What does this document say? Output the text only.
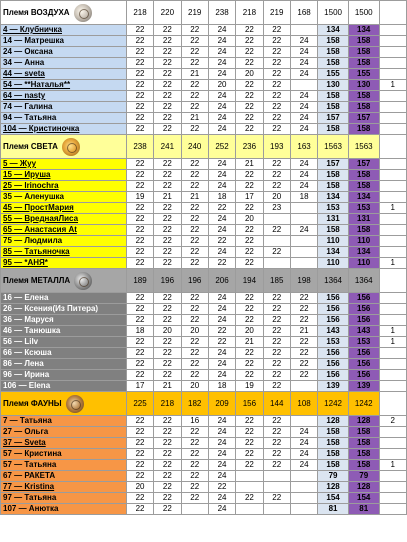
Племя ВОЗДУХА	218	220	219	238	218	219	168	1500	1500	
4 — Клубничка	22	22	22	24	22	22		134	134	
14 — Матрешка	22	22	22	24	22	22	24	158	158	
24 — Оксана	22	22	22	24	22	22	24	158	158	
34 — Анна	22	22	22	24	22	22	24	158	158	
44 — sveta	22	22	21	24	20	22	24	155	155	
54 — **Наталья**	22	22	22	20	22	22		130	130	1
64 — nasty	22	22	22	24	22	22	24	158	158	
74 — Галина	22	22	22	24	22	22	24	158	158	
94 — Татьяна	22	22	21	24	22	22	24	157	157	
104 — Кристиночка	22	22	22	24	22	22	24	158	158	
Племя СВЕТА	238	241	240	252	236	193	163	1563	1563	
5 — Жуу	22	22	22	24	21	22	24	157	157	
15 — Ируша	22	22	22	24	22	22	24	158	158	
25 — Irinochra	22	22	22	24	22	22	24	158	158	
35 — Аленушка	19	21	21	18	17	20	18	134	134	
45 — ПростМария	22	22	22	22	22	23		153	153	1
55 — ВреднаяЛиса	22	22	22	24	20			131	131	
65 — Анастасия At	22	22	22	24	22	22	24	158	158	
75 — Людмила	22	22	22	22	22			110	110	
85 — Татьяночка	22	22	22	24	22	22		134	134	
95 — *АНЯ*	22	22	22	22	22			110	110	1
Племя МЕТАЛЛА	189	196	196	206	194	185	198	1364	1364	
16 — Елена	22	22	22	24	22	22	22	156	156	
26 — Ксения(Из Питера)	22	22	22	24	22	22	22	156	156	
36 — Маруся	22	22	22	24	22	22	22	156	156	
46 — Танюшка	18	20	20	22	20	22	21	143	143	1
56 — Lilv	22	22	22	22	21	22	22	153	153	1
66 — Ксюша	22	22	22	24	22	22	22	156	156	
86 — Лена	22	22	22	24	22	22	22	156	156	
96 — Ирина	22	22	22	24	22	22	22	156	156	
106 — Elena	17	21	20	18	19	22		139	139	
Племя ФАУНЫ	225	218	182	209	156	144	108	1242	1242	
7 — Татьяна	22	22	16	24	22	22		128	128	2
27 — Ольга	22	22	22	24	22	22	24	158	158	
37 — Sveta	22	22	22	24	22	22	24	158	158	
57 — Кристина	22	22	22	24	22	22	24	158	158	
57 — Татьяна	22	22	22	24	22	22	24	158	158	1
67 — РАКЕТА	22	22	22	24				79	79	
77 — Kristina	20	22	22	22				128	128	
97 — Татьяна	22	22	22	24	22	22		154	154	
107 — Анютка	22	22		24				81	81	
